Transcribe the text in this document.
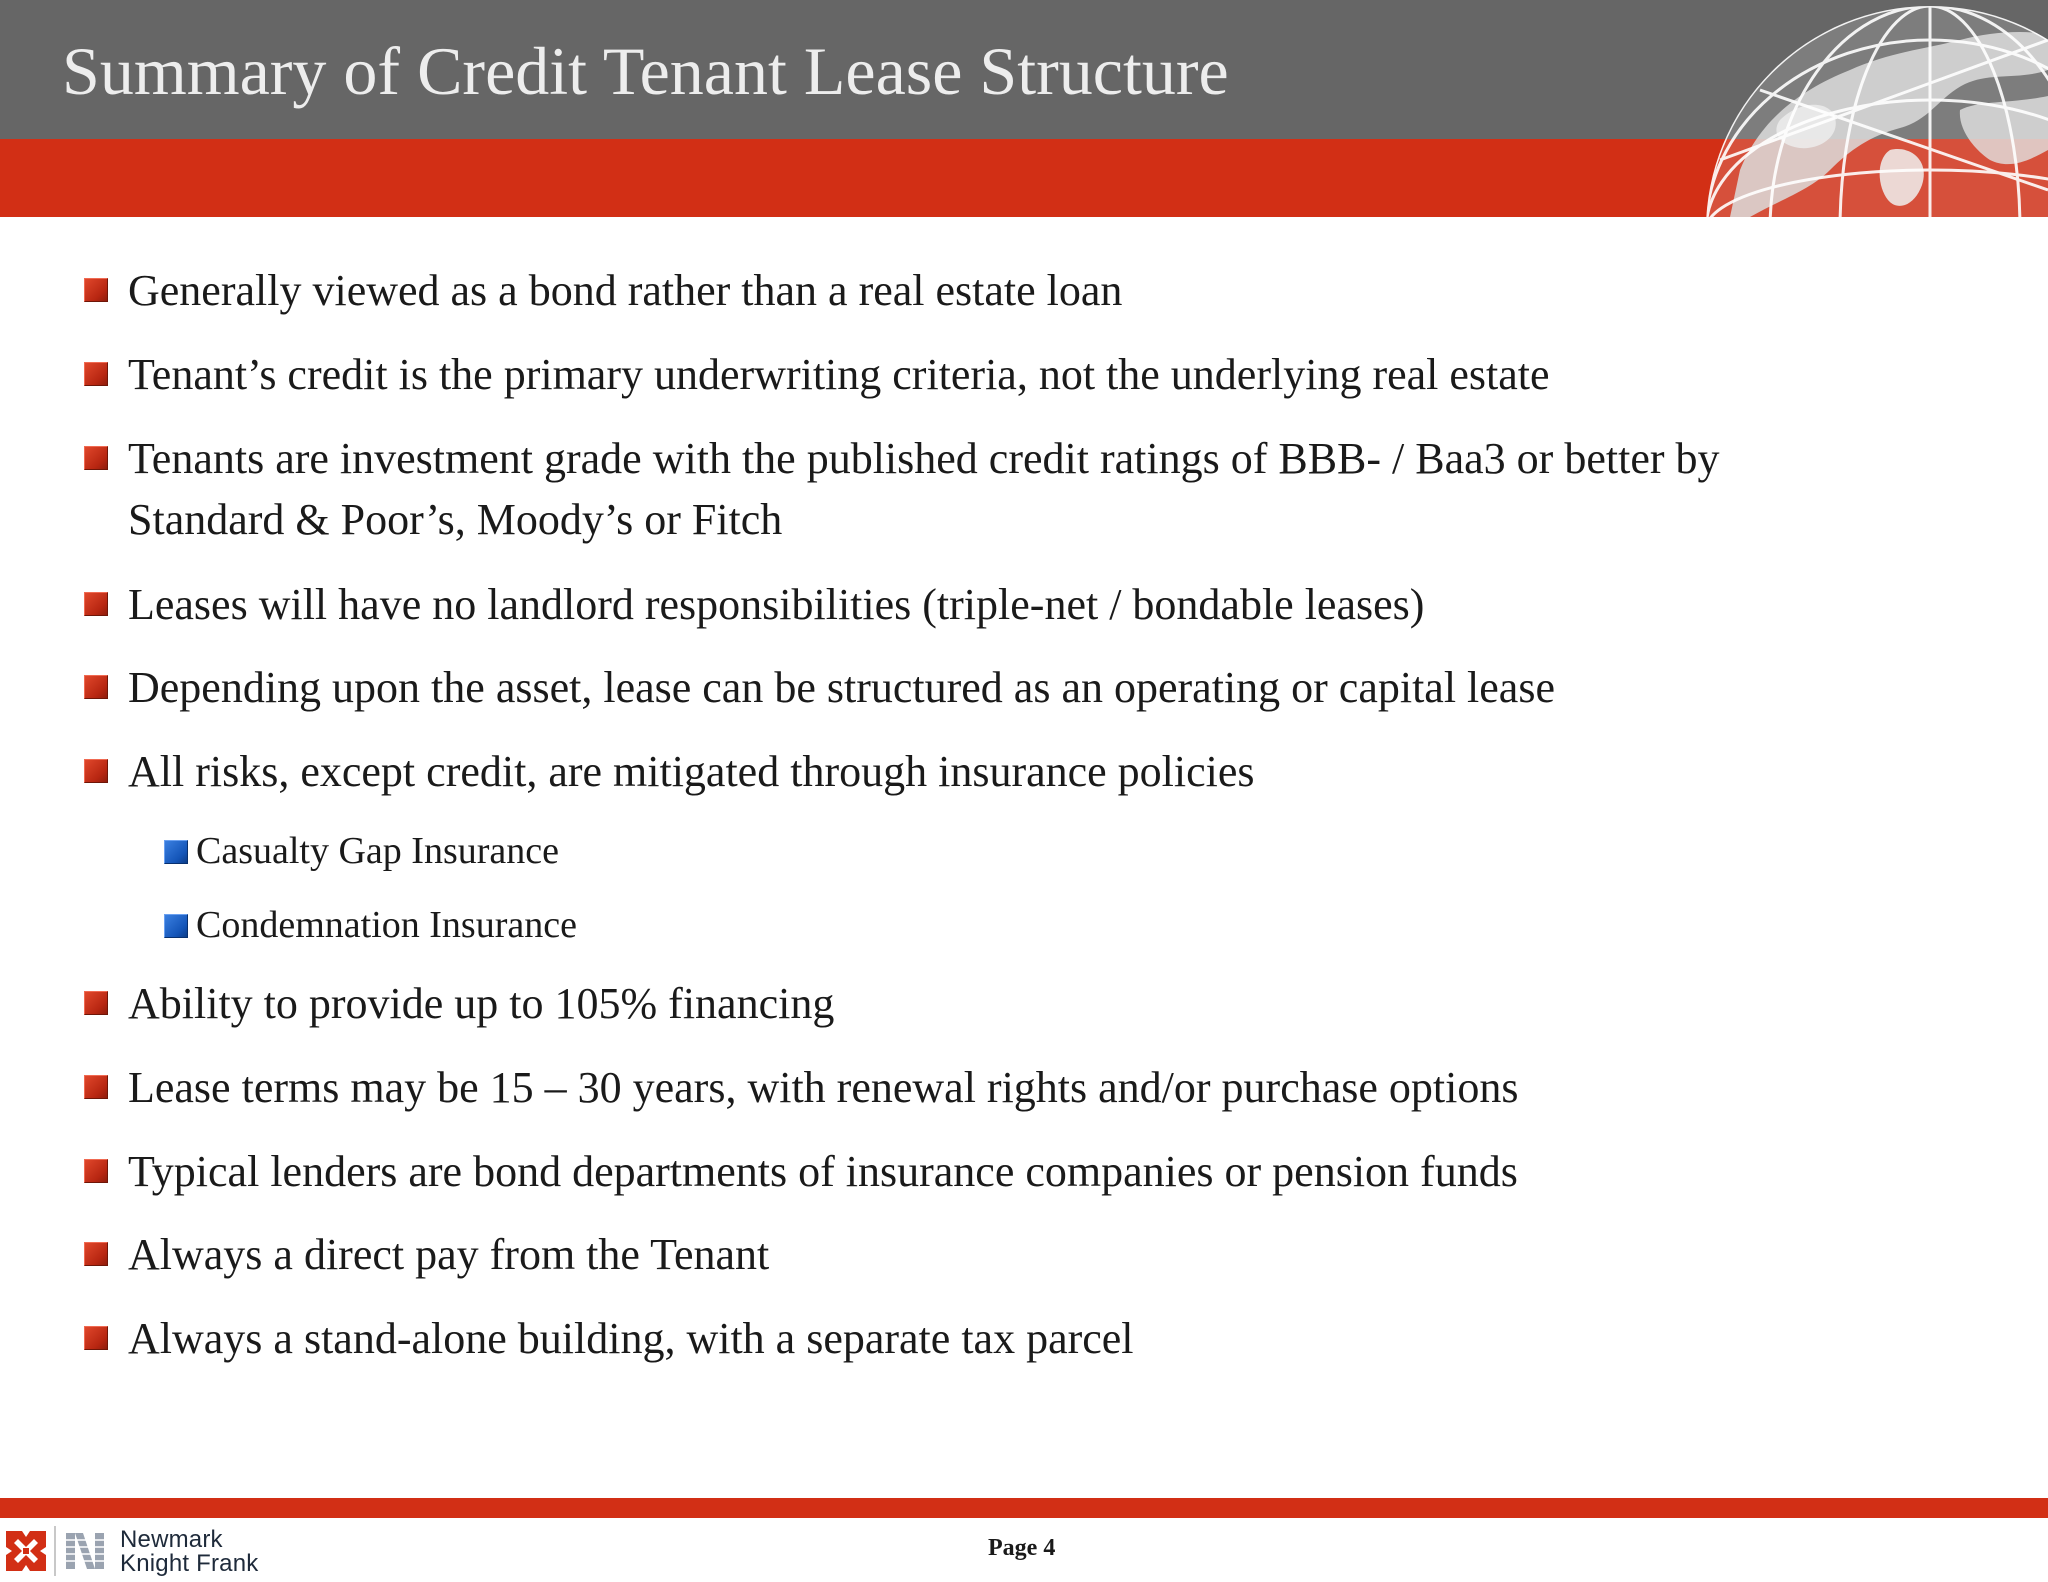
Summary of Credit Tenant Lease Structure
Generally viewed as a bond rather than a real estate loan
Tenant’s credit is the primary underwriting criteria, not the underlying real estate
Tenants are investment grade with the published credit ratings of BBB- / Baa3 or better by
Standard & Poor’s, Moody’s or Fitch
Leases will have no landlord responsibilities (triple-net / bondable leases)
Depending upon the asset, lease can be structured as an operating or capital lease
All risks, except credit, are mitigated through insurance policies
Casualty Gap Insurance
Condemnation Insurance
Ability to provide up to 105% financing
Lease terms may be 15 – 30 years, with renewal rights and/or purchase options
Typical lenders are bond departments of insurance companies or pension funds
Always a direct pay from the Tenant
Always a stand-alone building, with a separate tax parcel
Newmark
Knight Frank
Page 4
